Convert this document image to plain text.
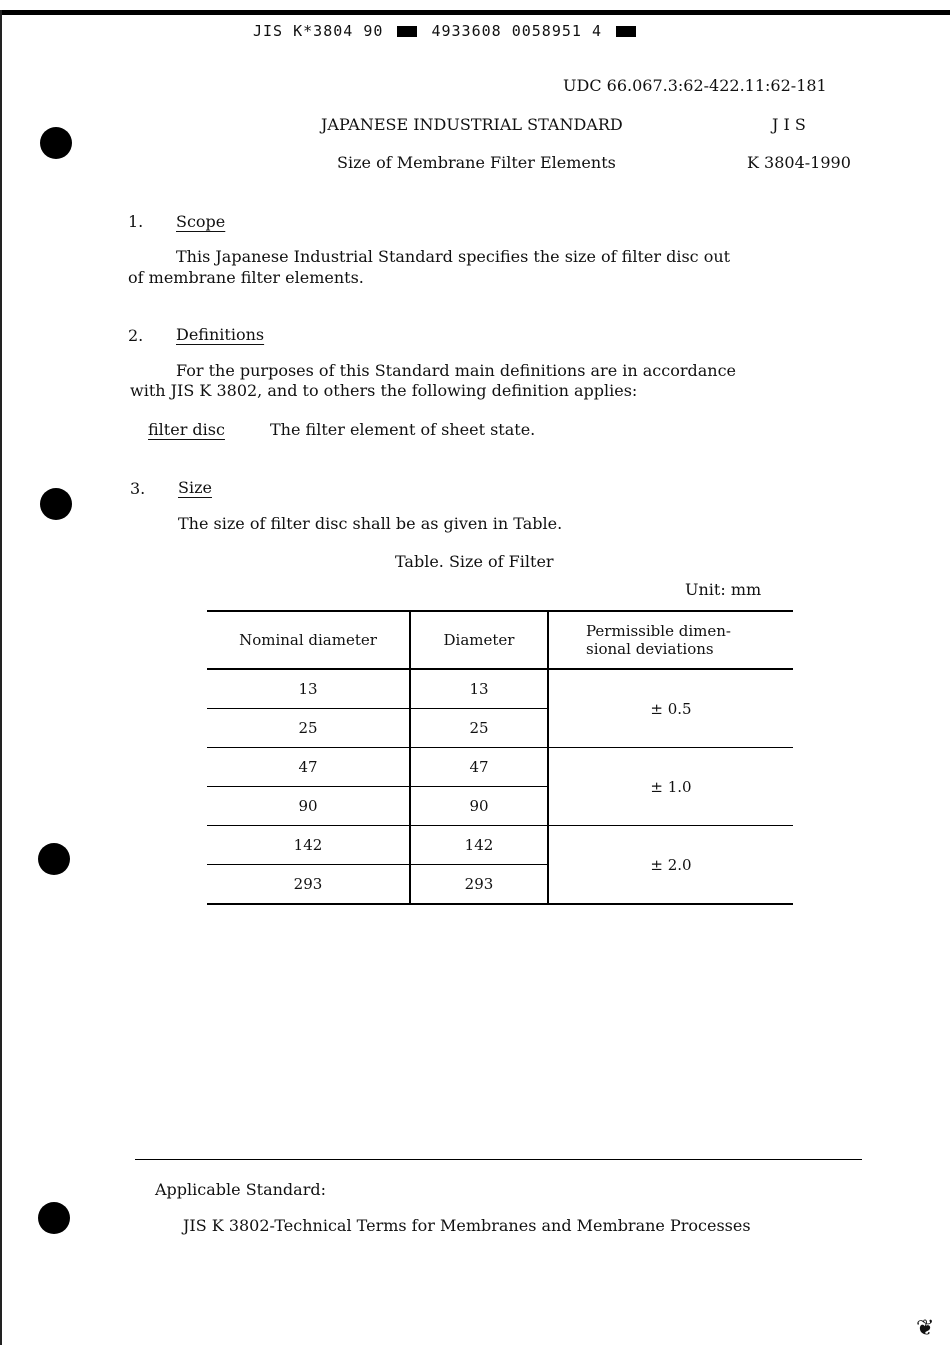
JIS K*3804 90	4933608 0058951 4
UDC 66.067.3:62-422.11:62-181
JAPANESE INDUSTRIAL STANDARD	J I S
Size of Membrane Filter Elements	K 3804-1990
1. Scope
This Japanese Industrial Standard specifies the size of filter disc out
of membrane filter elements.
2. Definitions
For the purposes of this Standard main definitions are in accordance
with JIS K 3802, and to others the following definition applies:
filter disc	The filter element of sheet state.
3. Size
The size of filter disc shall be as given in Table.
Table. Size of Filter
Unit: mm
Nominal diameter	Diameter	Permissible dimen-
sional deviations
13	13	± 0.5
25	25	
47	47	± 1.0
90	90	
142	142	± 2.0
293	293	
Applicable Standard:
JIS K 3802-Technical Terms for Membranes and Membrane Processes
❦
